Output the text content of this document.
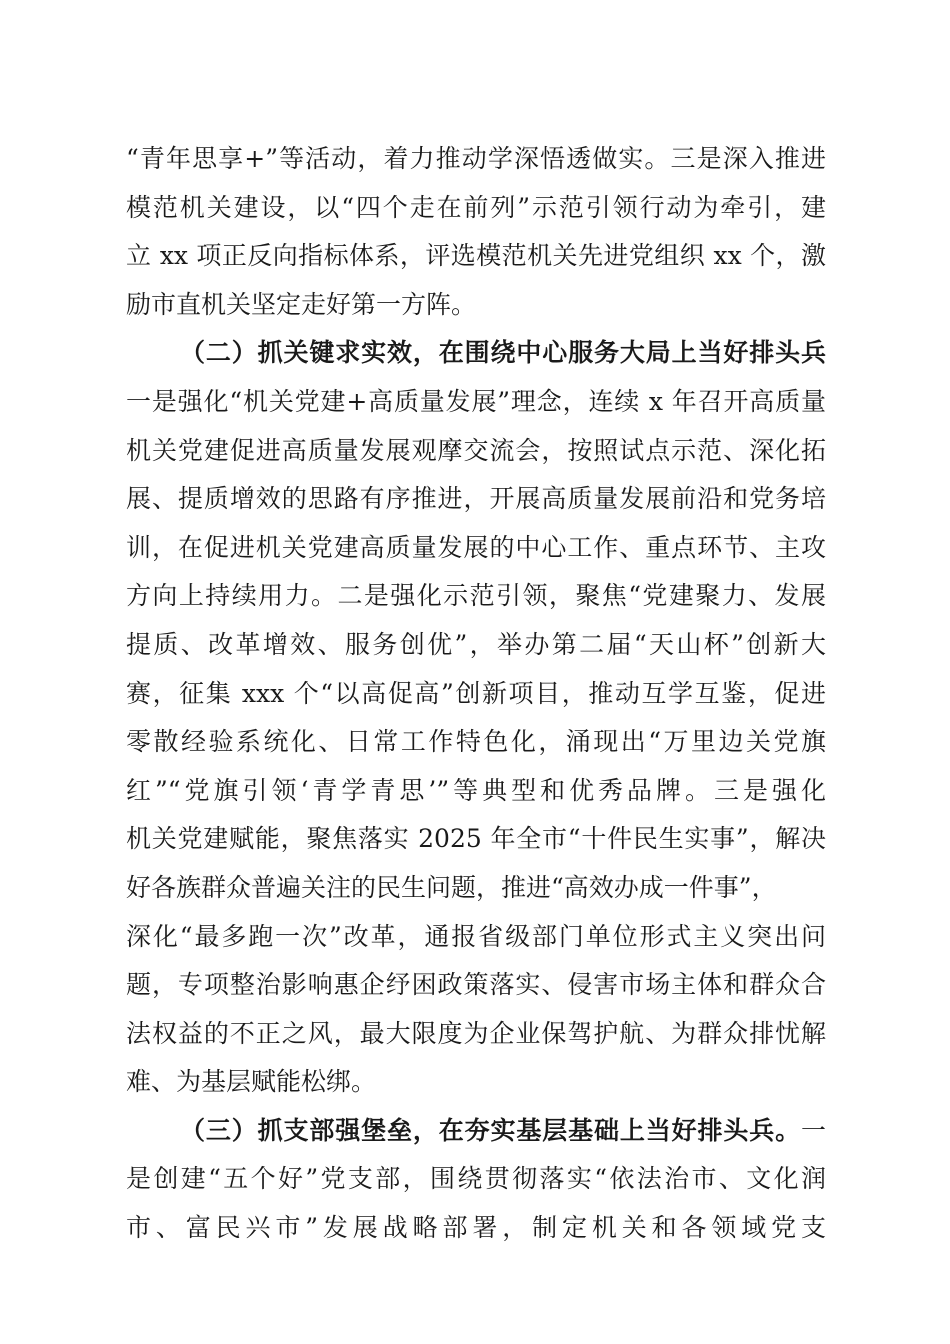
“青年思享+”等活动，着力推动学深悟透做实。三是深入推进
模范机关建设，以“四个走在前列”示范引领行动为牵引，建
立 xx 项正反向指标体系，评选模范机关先进党组织 xx 个，激
励市直机关坚定走好第一方阵。
（二）抓关键求实效，在围绕中心服务大局上当好排头兵
一是强化“机关党建+高质量发展”理念，连续 x 年召开高质量
机关党建促进高质量发展观摩交流会，按照试点示范、深化拓
展、提质增效的思路有序推进，开展高质量发展前沿和党务培
训，在促进机关党建高质量发展的中心工作、重点环节、主攻
方向上持续用力。二是强化示范引领，聚焦“党建聚力、发展
提质、改革增效、服务创优”，举办第二届“天山杯”创新大
赛，征集 xxx 个“以高促高”创新项目，推动互学互鉴，促进
零散经验系统化、日常工作特色化，涌现出“万里边关党旗
红”“党旗引领‘青学青思’”等典型和优秀品牌。三是强化
机关党建赋能，聚焦落实 2025 年全市“十件民生实事”，解决
好各族群众普遍关注的民生问题，推进“高效办成一件事”，
深化“最多跑一次”改革，通报省级部门单位形式主义突出问
题，专项整治影响惠企纾困政策落实、侵害市场主体和群众合
法权益的不正之风，最大限度为企业保驾护航、为群众排忧解
难、为基层赋能松绑。
（三）抓支部强堡垒，在夯实基层基础上当好排头兵。一
是创建“五个好”党支部，围绕贯彻落实“依法治市、文化润
市、富民兴市”发展战略部署，制定机关和各领域党支
